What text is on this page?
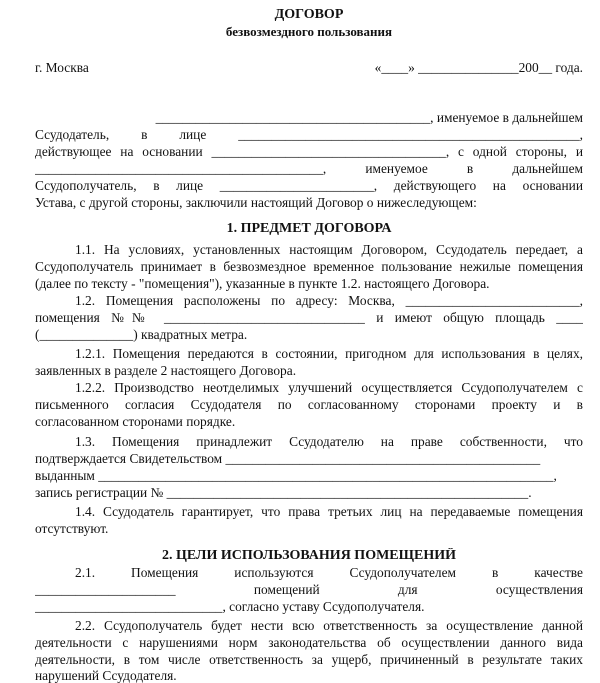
ДОГОВОР
безвозмездного пользования
г. Москва	«____» _______________200__ года.
_________________________________________, именуемое в дальнейшем
Ссудодатель, в лице ___________________________________________________,
действующее на основании ___________________________________, с одной стороны, и
___________________________________________, именуемое в дальнейшем
Ссудополучатель, в лице _______________________, действующего на основании
Устава, с другой стороны, заключили настоящий Договор о нижеследующем:
1. ПРЕДМЕТ ДОГОВОРА
1.1. На условиях, установленных настоящим Договором, Ссудодатель передает, а
Ссудополучатель принимает в безвозмездное временное пользование нежилые помещения
(далее по тексту - "помещения"), указанные в пункте 1.2. настоящего Договора.
1.2. Помещения расположены по адресу: Москва, __________________________,
помещения №№ ______________________________ и имеют общую площадь ____
(______________) квадратных метра.
1.2.1. Помещения передаются в состоянии, пригодном для использования в целях,
заявленных в разделе 2 настоящего Договора.
1.2.2. Производство неотделимых улучшений осуществляется Ссудополучателем с
письменного согласия Ссудодателя по согласованному сторонами проекту и в
согласованном сторонами порядке.
1.3. Помещения принадлежит Ссудодателю на праве собственности, что
подтверждается Свидетельством _______________________________________________
выданным ____________________________________________________________________,
запись регистрации № ______________________________________________________.
1.4. Ссудодатель гарантирует, что права третьих лиц на передаваемые помещения
отсутствуют.
2. ЦЕЛИ ИСПОЛЬЗОВАНИЯ ПОМЕЩЕНИЙ
2.1. Помещения используются Ссудополучателем в качестве
_____________________ помещений для осуществления
____________________________, согласно уставу Ссудополучателя.
2.2. Ссудополучатель будет нести всю ответственность за осуществление данной
деятельности с нарушениями норм законодательства об осуществлении данного вида
деятельности, в том числе ответственность за ущерб, причиненный в результате таких
нарушений Ссудодателя.
